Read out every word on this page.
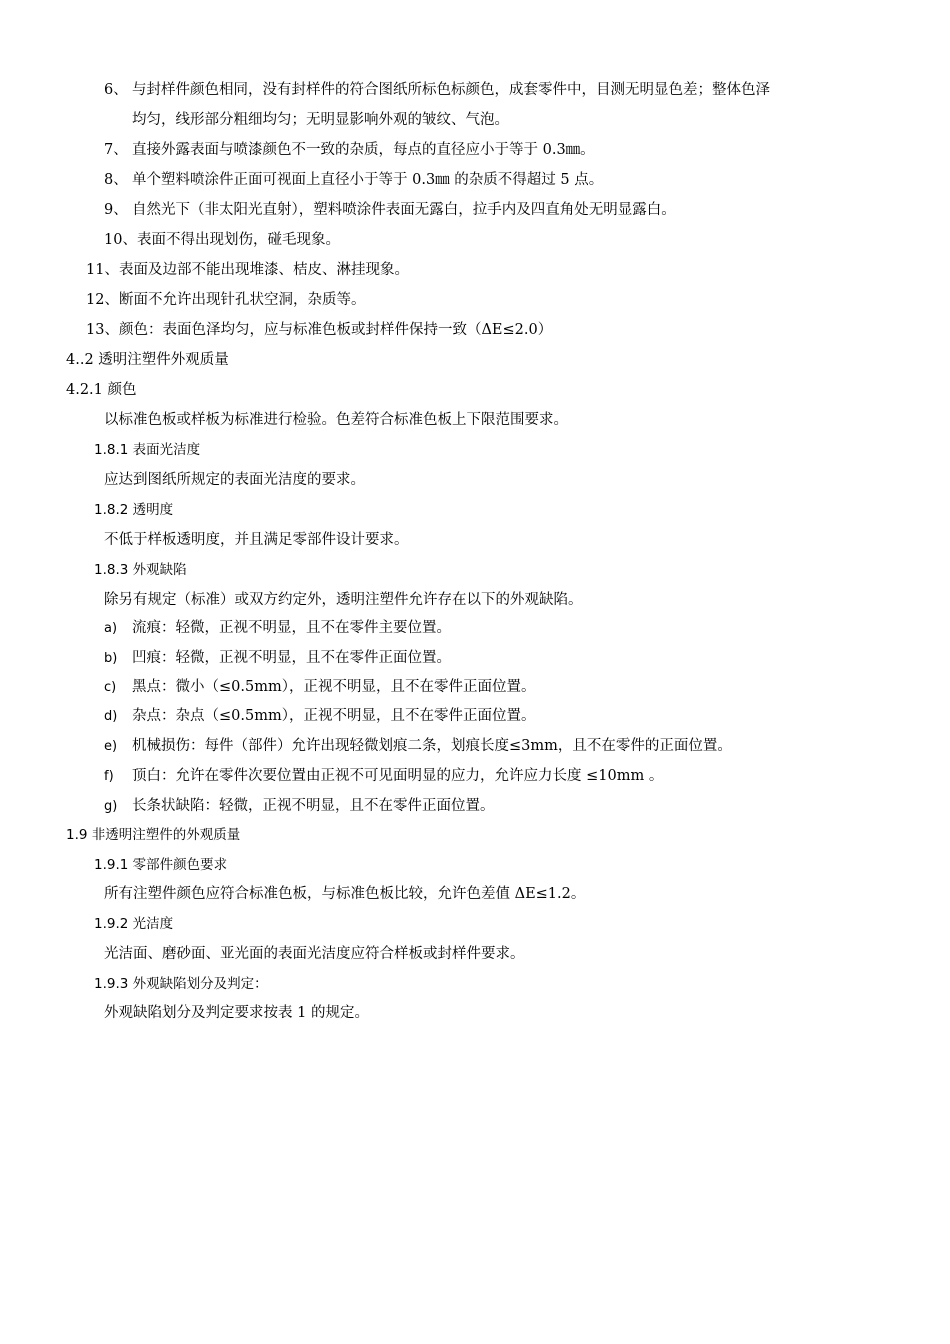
6、 与封样件颜色相同，没有封样件的符合图纸所标色标颜色，成套零件中，目测无明显色差；整体色泽
均匀，线形部分粗细均匀；无明显影响外观的皱纹、气泡。
7、 直接外露表面与喷漆颜色不一致的杂质，每点的直径应小于等于 0.3㎜。
8、 单个塑料喷涂件正面可视面上直径小于等于 0.3㎜ 的杂质不得超过 5 点。
9、 自然光下（非太阳光直射），塑料喷涂件表面无露白，拉手内及四直角处无明显露白。
10、表面不得出现划伤，碰毛现象。
11、表面及边部不能出现堆漆、桔皮、淋挂现象。
12、断面不允许出现针孔状空洞，杂质等。
13、颜色：表面色泽均匀，应与标准色板或封样件保持一致（ΔE≤2.0）
4..2 透明注塑件外观质量
4.2.1 颜色
以标准色板或样板为标准进行检验。色差符合标准色板上下限范围要求。
1.8.1 表面光洁度
应达到图纸所规定的表面光洁度的要求。
1.8.2 透明度
不低于样板透明度，并且满足零部件设计要求。
1.8.3 外观缺陷
除另有规定（标准）或双方约定外，透明注塑件允许存在以下的外观缺陷。
a) 流痕：轻微，正视不明显，且不在零件主要位置。
b) 凹痕：轻微，正视不明显，且不在零件正面位置。
c) 黑点：微小（≤0.5mm），正视不明显，且不在零件正面位置。
d) 杂点：杂点（≤0.5mm），正视不明显，且不在零件正面位置。
e) 机械损伤：每件（部件）允许出现轻微划痕二条，划痕长度≤3mm，且不在零件的正面位置。
f) 顶白：允许在零件次要位置由正视不可见面明显的应力，允许应力长度 ≤10mm 。
g) 长条状缺陷：轻微，正视不明显，且不在零件正面位置。
1.9 非透明注塑件的外观质量
1.9.1 零部件颜色要求
所有注塑件颜色应符合标准色板，与标准色板比较，允许色差值 ΔE≤1.2。
1.9.2 光洁度
光洁面、磨砂面、亚光面的表面光洁度应符合样板或封样件要求。
1.9.3 外观缺陷划分及判定：
外观缺陷划分及判定要求按表 1 的规定。
